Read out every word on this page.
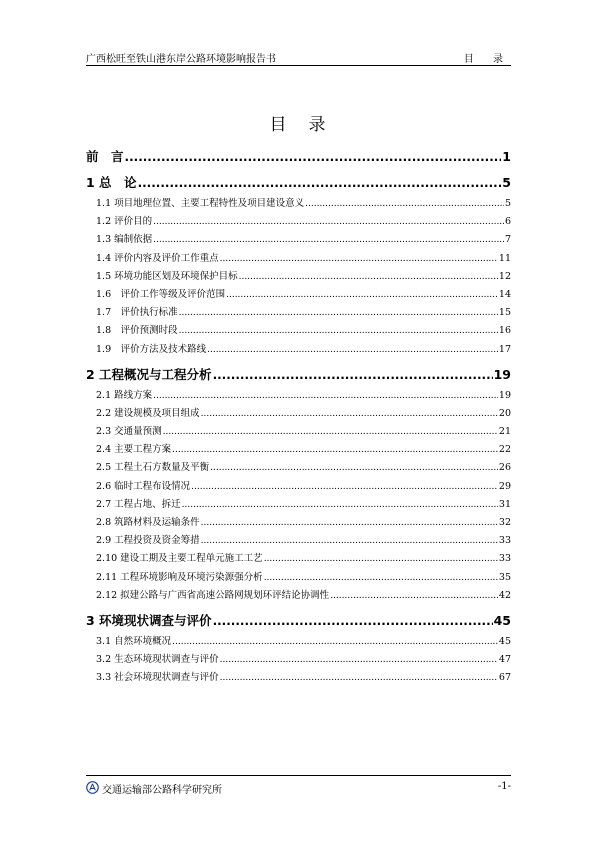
广西松旺至铁山港东岸公路环境影响报告书	目 录
目录
前　言 .....	1
1 总　论 .....	5
1.1 项目地理位置、主要工程特性及项目建设意义 .....	5
1.2 评价目的 .....	6
1.3 编制依据 .....	7
1.4 评价内容及评价工作重点 .....	11
1.5 环境功能区划及环境保护目标 .....	12
1.6　评价工作等级及评价范围 .....	14
1.7　评价执行标准 .....	15
1.8　评价预测时段 .....	16
1.9　评价方法及技术路线 .....	17
2 工程概况与工程分析 .....	19
2.1 路线方案 .....	19
2.2 建设规模及项目组成 .....	20
2.3 交通量预测 .....	21
2.4 主要工程方案 .....	22
2.5 工程土石方数量及平衡 .....	26
2.6 临时工程布设情况 .....	29
2.7 工程占地、拆迁 .....	31
2.8 筑路材料及运输条件 .....	32
2.9 工程投资及资金筹措 .....	33
2.10 建设工期及主要工程单元施工工艺 .....	33
2.11 工程环境影响及环境污染源强分析 .....	35
2.12 拟建公路与广西省高速公路网规划环评结论协调性 .....	42
3 环境现状调查与评价 .....	45
3.1 自然环境概况 .....	45
3.2 生态环境现状调查与评价 .....	47
3.3 社会环境现状调查与评价 .....	67
交通运输部公路科学研究所	-1-
